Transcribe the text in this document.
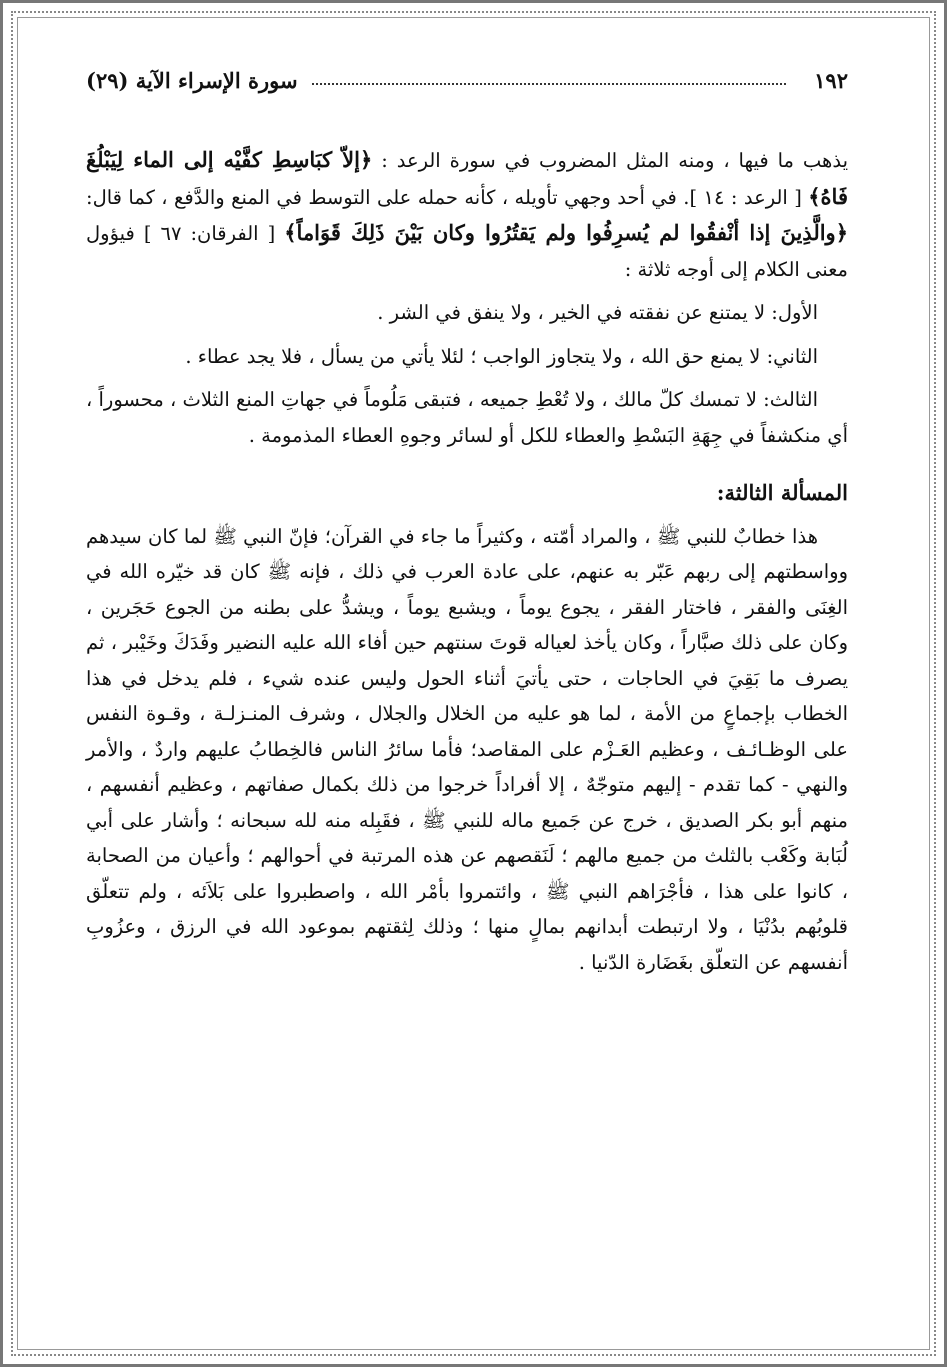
١٩٢
سورة الإسراء الآية (٢٩)

يذهب ما فيها ، ومنه المثل المضروب في سورة الرعد : ﴿إلاّ كبَاسِطِ كفَّيْه إلى الماء لِيَبْلُغَ فَاهُ﴾ [ الرعد : ١٤ ]. في أحد وجهي تأويله ، كأنه حمله على التوسط في المنع والدَّفع ، كما قال: ﴿والَّذِينَ إذا أنْفقُوا لم يُسرِفُوا ولم يَقتُرُوا وكان بَيْنَ ذَلِكَ قَوَاماً﴾ [ الفرقان: ٦٧ ] فيؤول معنى الكلام إلى أوجه ثلاثة :

الأول: لا يمتنع عن نفقته في الخير ، ولا ينفق في الشر .

الثاني: لا يمنع حق الله ، ولا يتجاوز الواجب ؛ لئلا يأتي من يسأل ، فلا يجد عطاء .

الثالث: لا تمسك كلّ مالك ، ولا تُعْطِ جميعه ، فتبقى مَلُوماً في جهاتِ المنع الثلاث ، محسوراً ، أي منكشفاً في جِهَةِ البَسْطِ والعطاء للكل أو لسائر وجوهِ العطاء المذمومة .

المسألة الثالثة:

هذا خطابٌ للنبي ﷺ ، والمراد أمّته ، وكثيراً ما جاء في القرآن؛ فإنّ النبي ﷺ لما كان سيدهم وواسطتهم إلى ربهم عَبّر به عنهم، على عادة العرب في ذلك ، فإنه ﷺ كان قد خيّره الله في الغِنَى والفقر ، فاختار الفقر ، يجوع يوماً ، ويشبع يوماً ، ويشدُّ على بطنه من الجوع حَجَرين ، وكان على ذلك صبَّاراً ، وكان يأخذ لعياله قوتَ سنتهم حين أفاء الله عليه النضير وفَدَكَ وخَيْبر ، ثم يصرف ما بَقِيَ في الحاجات ، حتى يأتيَ أثناء الحول وليس عنده شيء ، فلم يدخل في هذا الخطاب بإجماعٍ من الأمة ، لما هو عليه من الخلال والجلال ، وشرف المنـزلـة ، وقـوة النفس على الوظـائـف ، وعظيم العَـزْم على المقاصد؛ فأما سائرُ الناس فالخِطابُ عليهم واردٌ ، والأمر والنهي - كما تقدم - إليهم متوجّهٌ ، إلا أفراداً خرجوا من ذلك بكمال صفاتهم ، وعظيم أنفسهم ، منهم أبو بكر الصديق ، خرج عن جَميع ماله للنبي ﷺ ، فقَبِله منه لله سبحانه ؛ وأشار على أبي لُبَابة وكَعْب بالثلث من جميع مالهم ؛ لَنَقصهم عن هذه المرتبة في أحوالهم ؛ وأعيان من الصحابة ، كانوا على هذا ، فأجْرَاهم النبي ﷺ ، وائتمروا بأمْر الله ، واصطبروا على بَلاَئه ، ولم تتعلّق قلوبُهم بدُنْيَا ، ولا ارتبطت أبدانهم بمالٍ منها ؛ وذلك لِثقتهم بموعود الله في الرزق ، وعزُوبِ أنفسهم عن التعلّق بغَضَارة الدّنيا .
